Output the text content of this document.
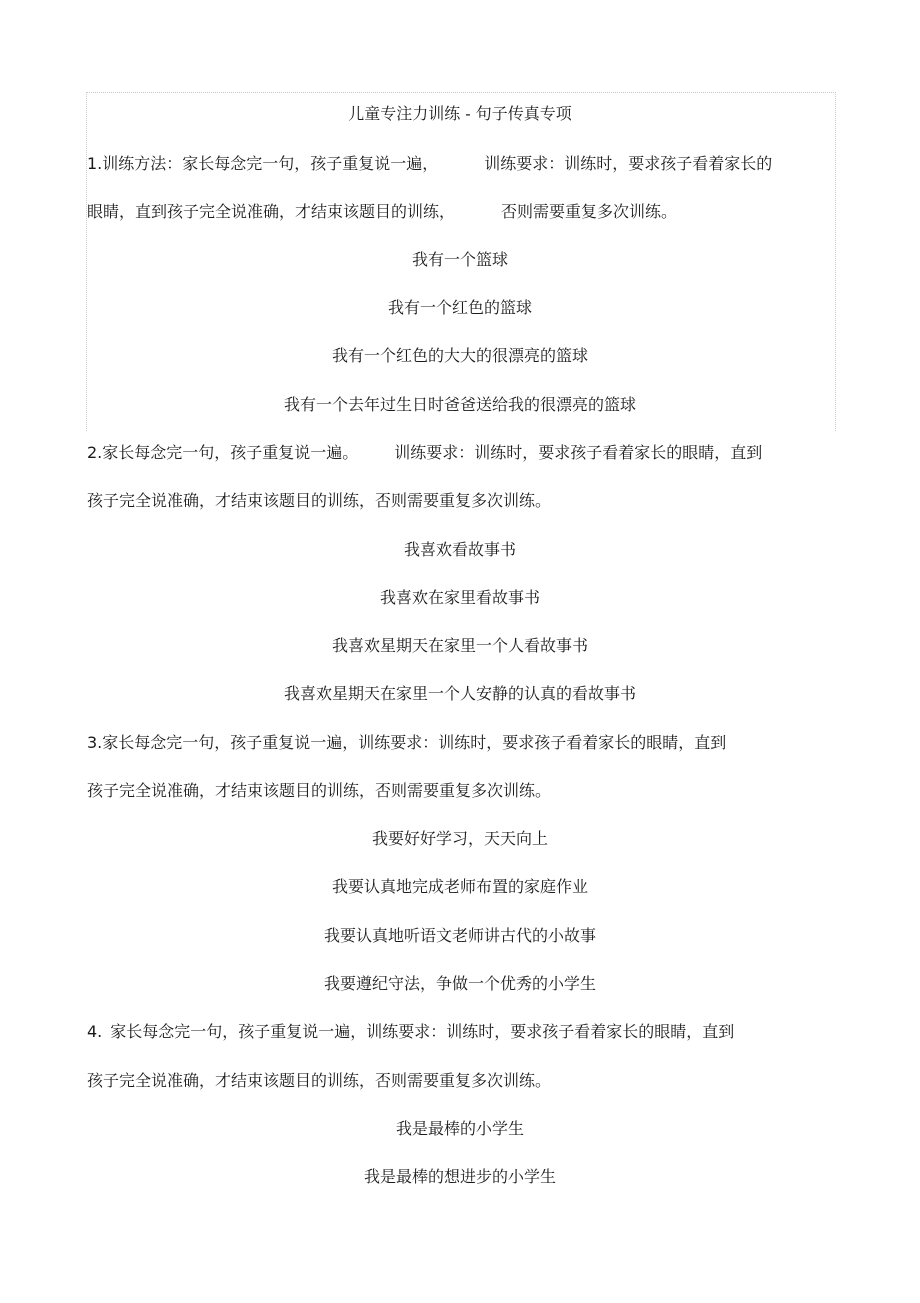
儿童专注力训练 - 句子传真专项
1.训练方法：家长每念完一句，孩子重复说一遍，	训练要求：训练时，要求孩子看着家长的
眼睛，直到孩子完全说准确，才结束该题目的训练，	否则需要重复多次训练。
我有一个篮球
我有一个红色的篮球
我有一个红色的大大的很漂亮的篮球
我有一个去年过生日时爸爸送给我的很漂亮的篮球
2.家长每念完一句，孩子重复说一遍。 训练要求：训练时，要求孩子看着家长的眼睛，直到
孩子完全说准确，才结束该题目的训练，否则需要重复多次训练。
我喜欢看故事书
我喜欢在家里看故事书
我喜欢星期天在家里一个人看故事书
我喜欢星期天在家里一个人安静的认真的看故事书
3.家长每念完一句，孩子重复说一遍，训练要求：训练时，要求孩子看着家长的眼睛，直到
孩子完全说准确，才结束该题目的训练，否则需要重复多次训练。
我要好好学习，天天向上
我要认真地完成老师布置的家庭作业
我要认真地听语文老师讲古代的小故事
我要遵纪守法，争做一个优秀的小学生
4. 家长每念完一句，孩子重复说一遍，训练要求：训练时，要求孩子看着家长的眼睛，直到
孩子完全说准确，才结束该题目的训练，否则需要重复多次训练。
我是最棒的小学生
我是最棒的想进步的小学生
